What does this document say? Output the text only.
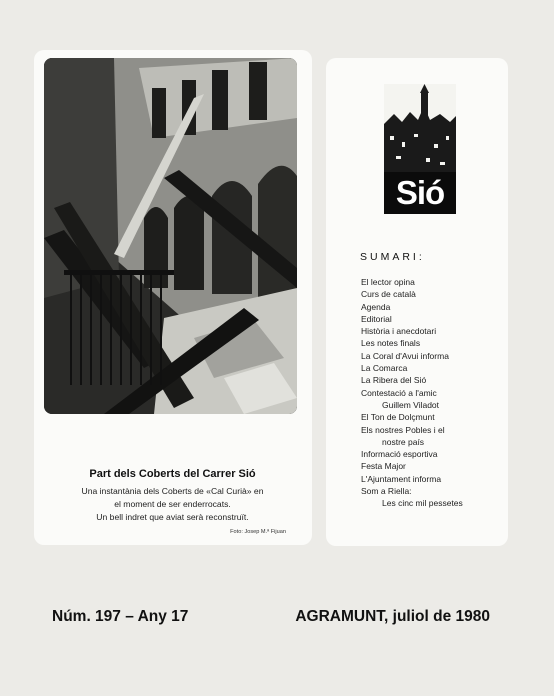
Part dels Coberts del Carrer Sió
Una instantània dels Coberts de «Cal Curià» en
el moment de ser enderrocats.
Un bell indret que aviat serà reconstruït.
Foto: Josep M.ª Fijuan
Sió
SUMARI:
El lector opina
Curs de català
Agenda
Editorial
Història i anecdotari
Les notes finals
La Coral d'Avui informa
La Comarca
La Ribera del Sió
Contestació a l'amic
Guillem Viladot
El Ton de Dolçmunt
Els nostres Pobles i el
nostre país
Informació esportiva
Festa Major
L'Ajuntament informa
Som a Riella:
Les cinc mil pessetes
Núm. 197 – Any 17	AGRAMUNT, juliol de 1980
